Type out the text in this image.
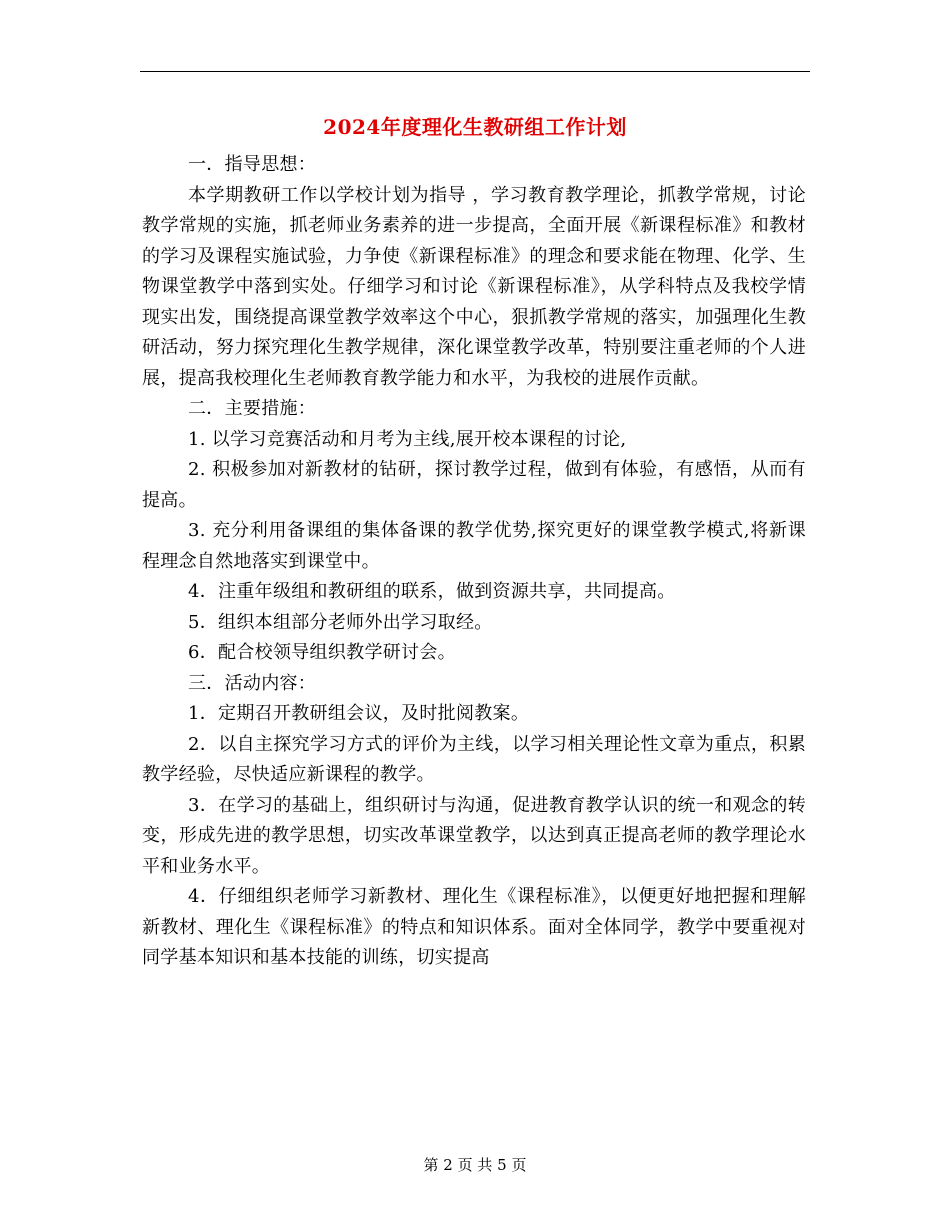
2024年度理化生教研组工作计划

一．指导思想：

本学期教研工作以学校计划为指导 ，学习教育教学理论，抓教学常规，讨论教学常规的实施，抓老师业务素养的进一步提高，全面开展《新课程标准》和教材的学习及课程实施试验，力争使《新课程标准》的理念和要求能在物理、化学、生物课堂教学中落到实处。仔细学习和讨论《新课程标准》，从学科特点及我校学情现实出发，围绕提高课堂教学效率这个中心，狠抓教学常规的落实，加强理化生教研活动，努力探究理化生教学规律，深化课堂教学改革，特别要注重老师的个人进展，提高我校理化生老师教育教学能力和水平，为我校的进展作贡献。

二．主要措施：

1. 以学习竞赛活动和月考为主线,展开校本课程的讨论,

2. 积极参加对新教材的钻研，探讨教学过程，做到有体验，有感悟，从而有提高。

3. 充分利用备课组的集体备课的教学优势,探究更好的课堂教学模式,将新课程理念自然地落实到课堂中。

4．注重年级组和教研组的联系，做到资源共享，共同提高。

5．组织本组部分老师外出学习取经。

6．配合校领导组织教学研讨会。

三．活动内容：

1．定期召开教研组会议，及时批阅教案。

2．以自主探究学习方式的评价为主线，以学习相关理论性文章为重点，积累教学经验，尽快适应新课程的教学。

3．在学习的基础上，组织研讨与沟通，促进教育教学认识的统一和观念的转变，形成先进的教学思想，切实改革课堂教学，以达到真正提高老师的教学理论水平和业务水平。

4．仔细组织老师学习新教材、理化生《课程标准》，以便更好地把握和理解新教材、理化生《课程标准》的特点和知识体系。面对全体同学，教学中要重视对同学基本知识和基本技能的训练，切实提高

第 2 页 共 5 页
